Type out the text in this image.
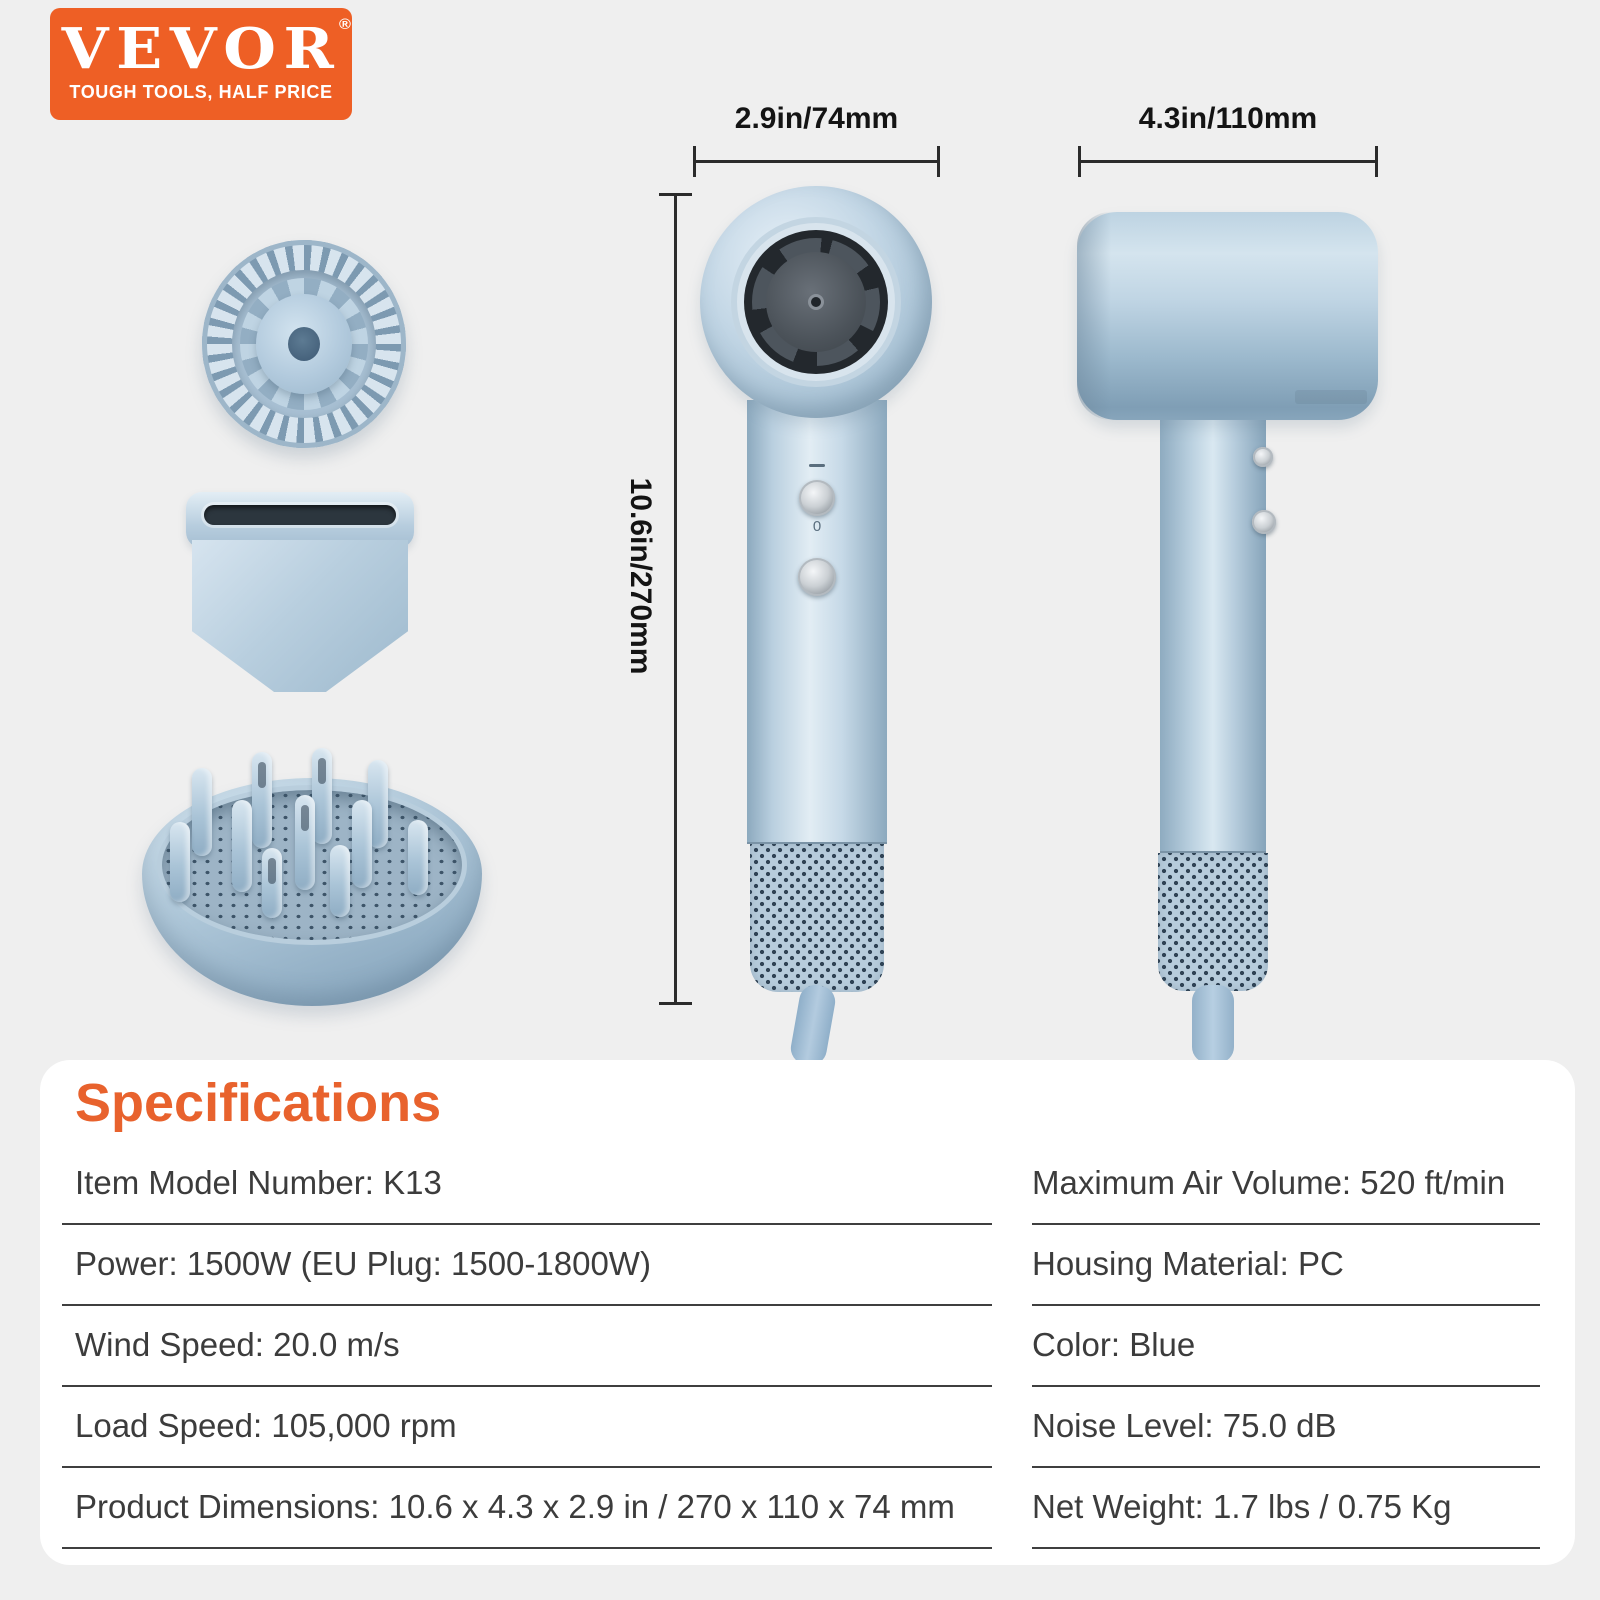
VEVOR
®
TOUGH TOOLS, HALF PRICE
2.9in/74mm	4.3in/110mm
10.6in/270mm	0
Specifications
Item Model Number: K13
Power: 1500W (EU Plug: 1500-1800W)
Wind Speed: 20.0 m/s
Load Speed: 105,000 rpm
Product Dimensions: 10.6 x 4.3 x 2.9 in / 270 x 110 x 74 mm
Maximum Air Volume: 520 ft/min
Housing Material: PC
Color: Blue
Noise Level: 75.0 dB
Net Weight: 1.7 lbs / 0.75 Kg
